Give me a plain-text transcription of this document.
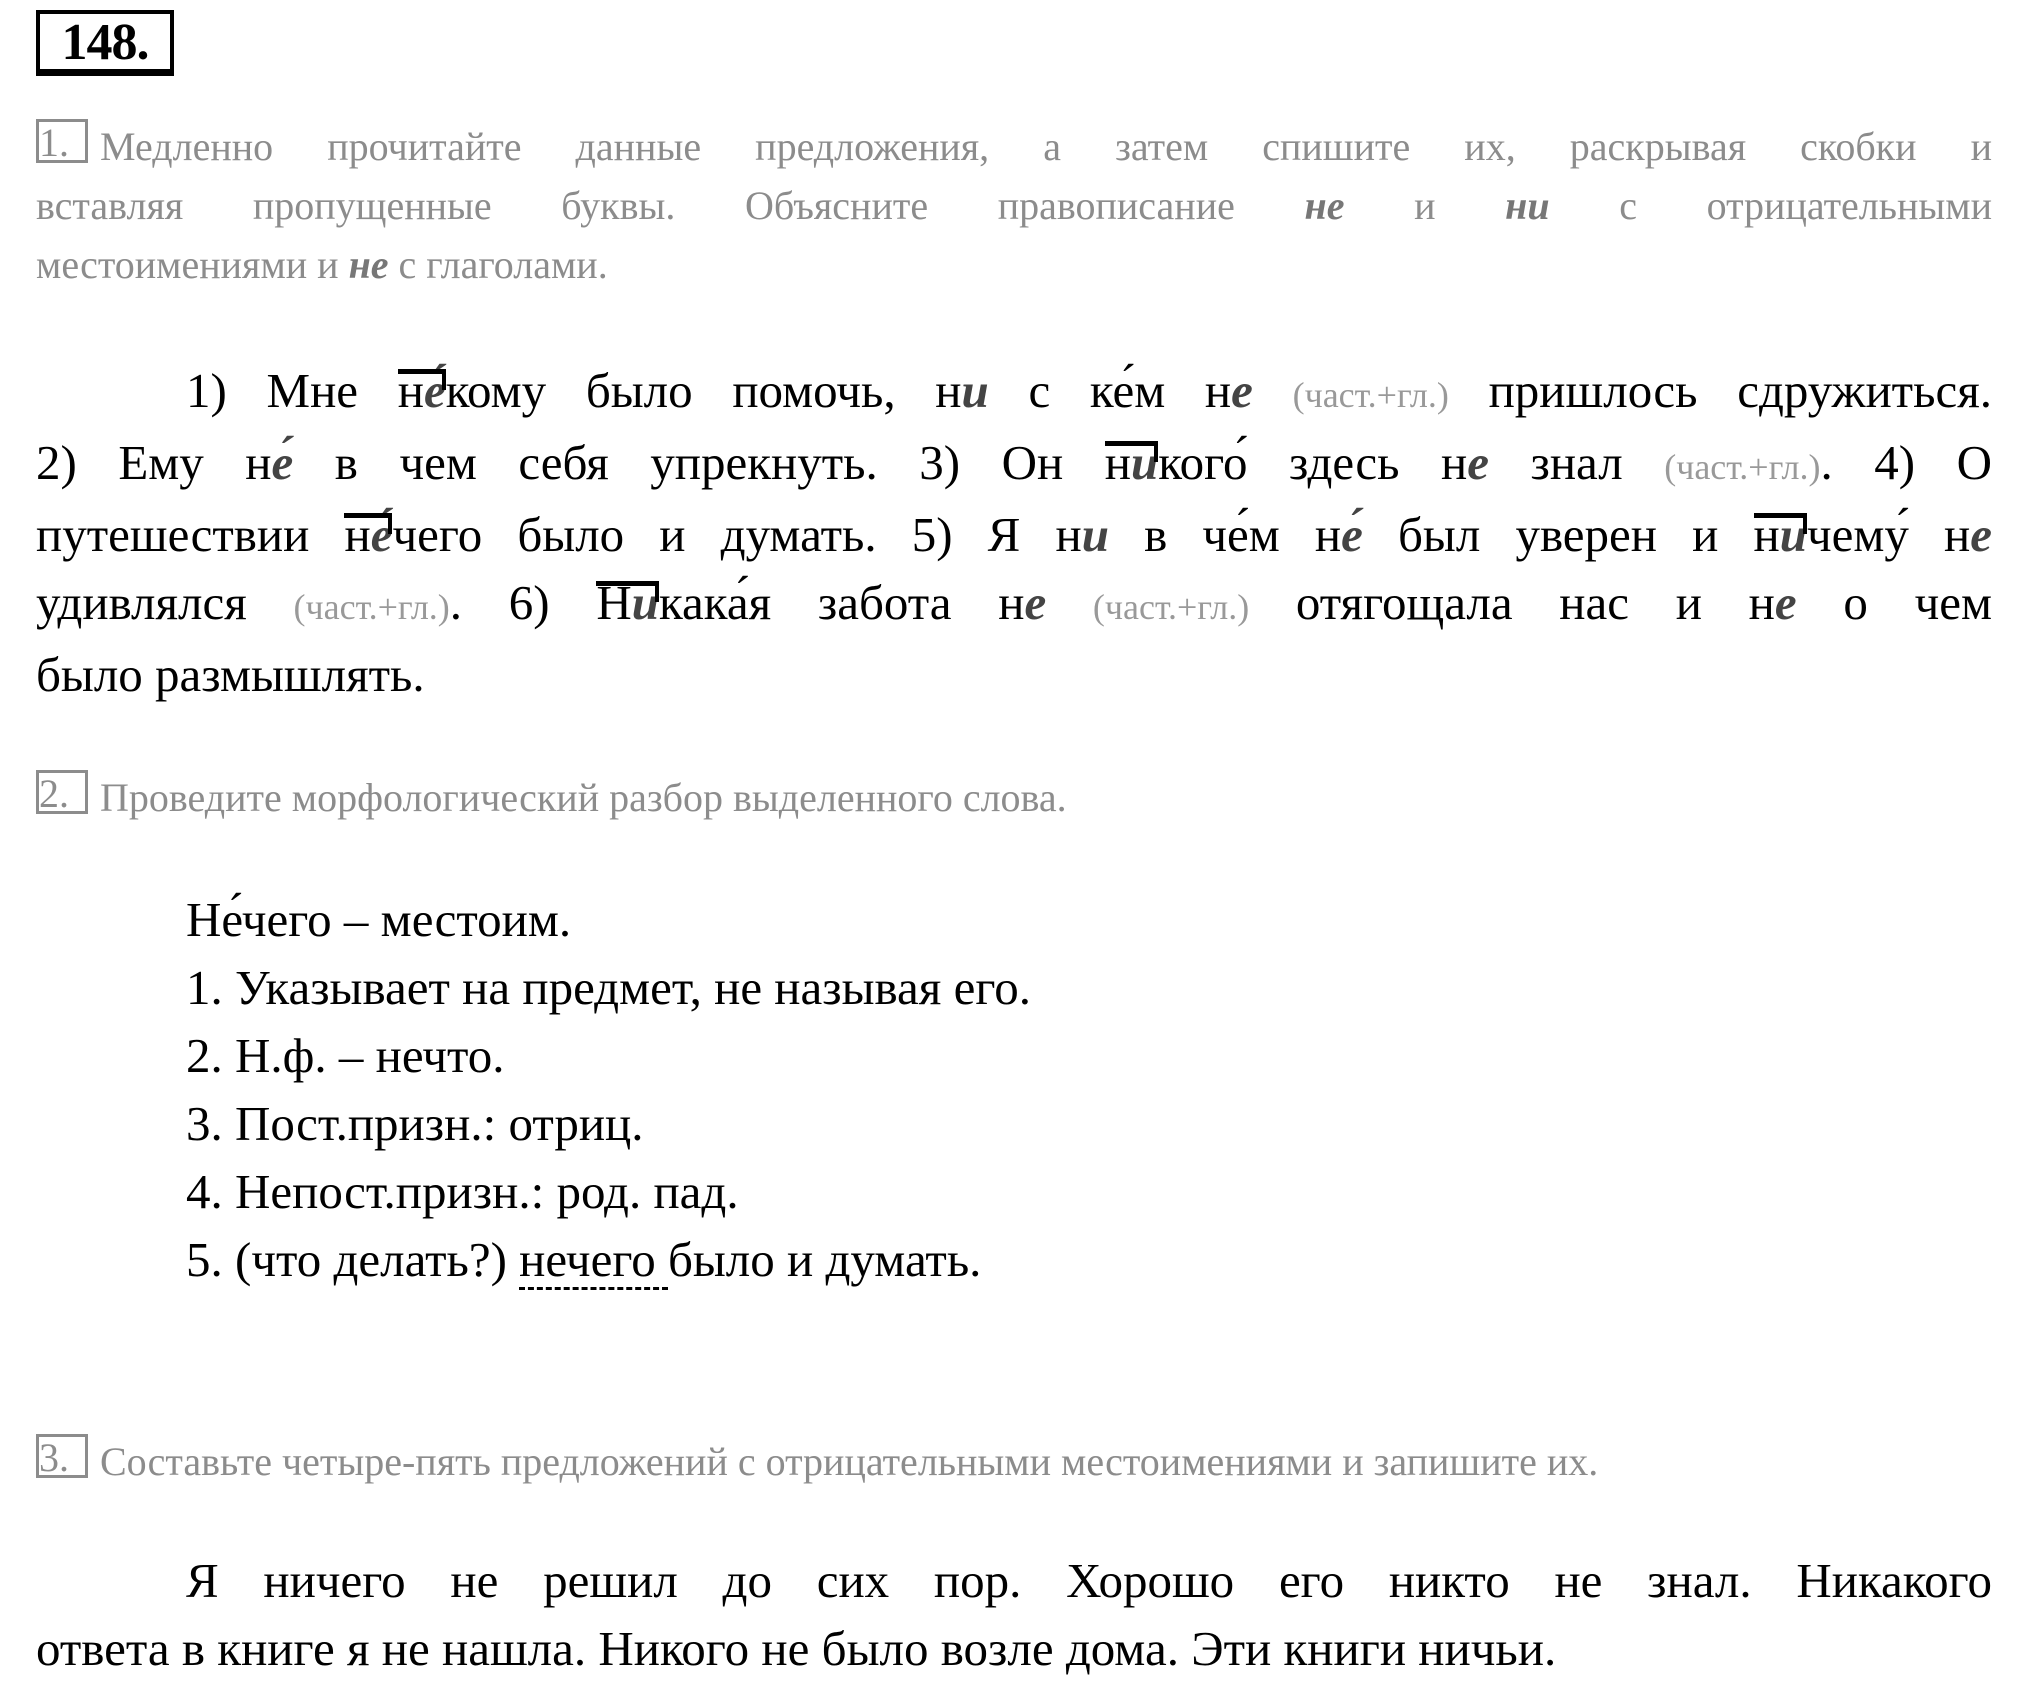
148.
1. Медленно прочитайте данные предложения, а затем спишите их, раскрывая скобки и
вставляя пропущенные буквы. Объясните правописание не и ни с отрицательными
местоимениями и не с глаголами.
1) Мне не́кому было помочь, ни с ке́м не (част.+гл.) пришлось сдружиться.
2) Ему не́ в чем себя упрекнуть. 3) Он никого́ здесь не знал (част.+гл.). 4) О
путешествии не́чего было и думать. 5) Я ни в че́м не́ был уверен и ничему́ не
удивлялся (част.+гл.). 6) Никака́я забота не (част.+гл.) отягощала нас и не о чем
было размышлять.
2. Проведите морфологический разбор выделенного слова.
Не́чего – местоим.
1. Указывает на предмет, не называя его.
2. Н.ф. – нечто.
3. Пост.призн.: отриц.
4. Непост.призн.: род. пад.
5. (что делать?) нечего было и думать.
3. Составьте четыре-пять предложений с отрицательными местоимениями и запишите их.
Я ничего не решил до сих пор. Хорошо его никто не знал. Никакого
ответа в книге я не нашла. Никого не было возле дома. Эти книги ничьи.
